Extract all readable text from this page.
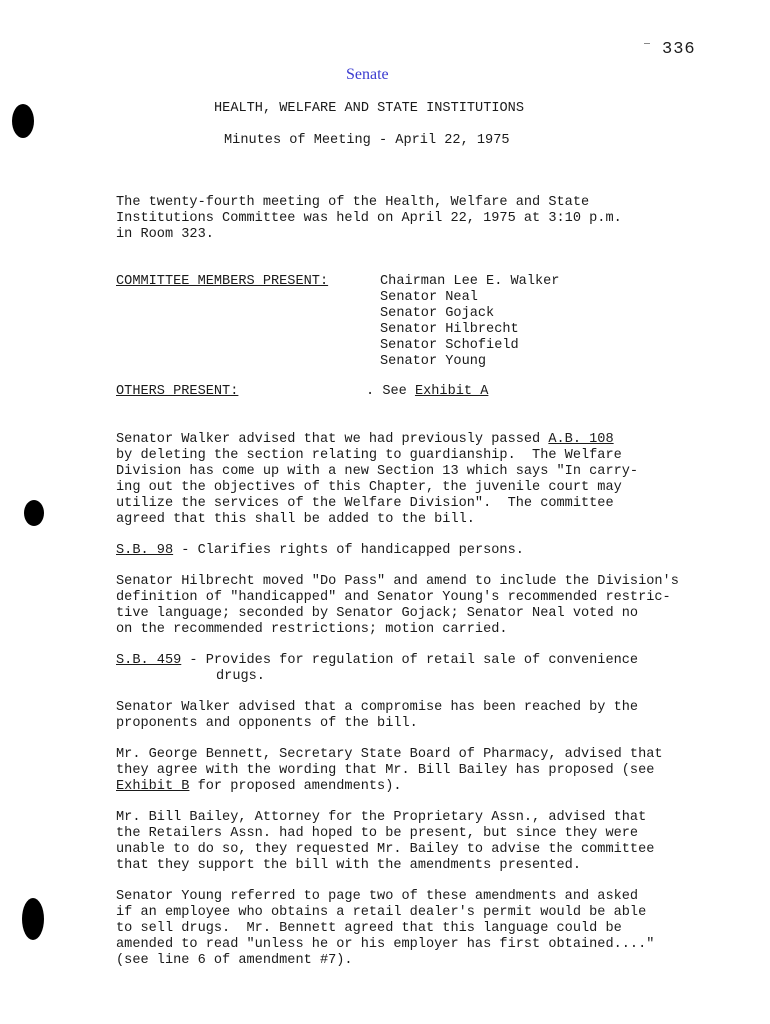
336
Senate
HEALTH, WELFARE AND STATE INSTITUTIONS
Minutes of Meeting - April 22, 1975
The twenty-fourth meeting of the Health, Welfare and State
Institutions Committee was held on April 22, 1975 at 3:10 p.m.
in Room 323.
COMMITTEE MEMBERS PRESENT:	Chairman Lee E. Walker
Senator Neal
Senator Gojack
Senator Hilbrecht
Senator Schofield
Senator Young
OTHERS PRESENT:	. See Exhibit A
Senator Walker advised that we had previously passed A.B. 108
by deleting the section relating to guardianship.  The Welfare
Division has come up with a new Section 13 which says "In carry-
ing out the objectives of this Chapter, the juvenile court may
utilize the services of the Welfare Division".  The committee
agreed that this shall be added to the bill.
S.B. 98 - Clarifies rights of handicapped persons.
Senator Hilbrecht moved "Do Pass" and amend to include the Division's
definition of "handicapped" and Senator Young's recommended restric-
tive language; seconded by Senator Gojack; Senator Neal voted no
on the recommended restrictions; motion carried.
S.B. 459 - Provides for regulation of retail sale of convenience
drugs.
Senator Walker advised that a compromise has been reached by the
proponents and opponents of the bill.
Mr. George Bennett, Secretary State Board of Pharmacy, advised that
they agree with the wording that Mr. Bill Bailey has proposed (see
Exhibit B for proposed amendments).
Mr. Bill Bailey, Attorney for the Proprietary Assn., advised that
the Retailers Assn. had hoped to be present, but since they were
unable to do so, they requested Mr. Bailey to advise the committee
that they support the bill with the amendments presented.
Senator Young referred to page two of these amendments and asked
if an employee who obtains a retail dealer's permit would be able
to sell drugs.  Mr. Bennett agreed that this language could be
amended to read "unless he or his employer has first obtained...."
(see line 6 of amendment #7).
